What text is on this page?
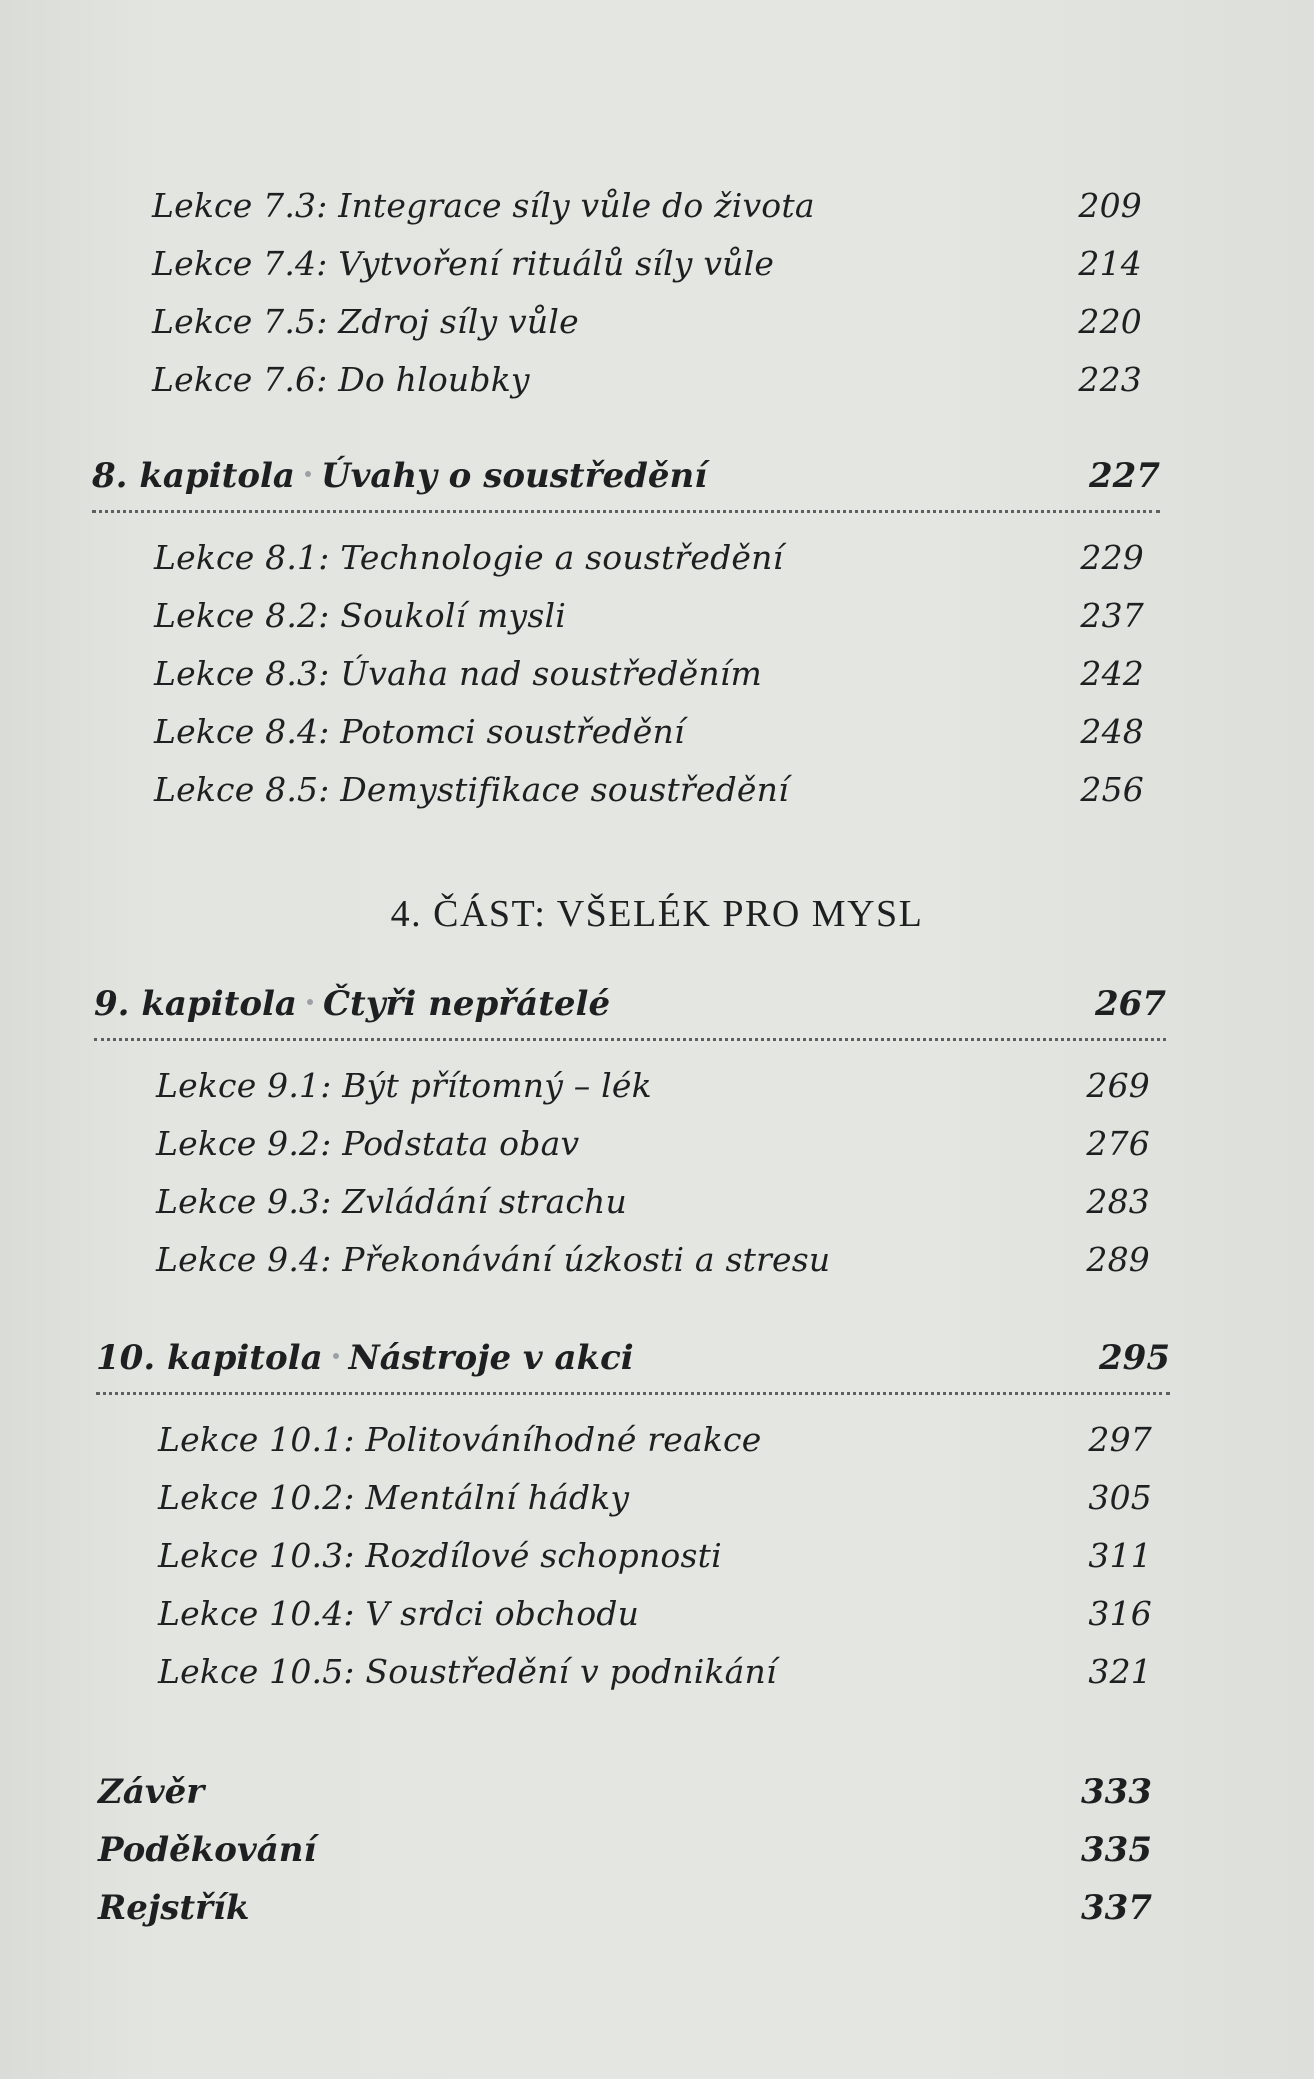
Lekce 7.3: Integrace síly vůle do života	209
Lekce 7.4: Vytvoření rituálů síly vůle	214
Lekce 7.5: Zdroj síly vůle	220
Lekce 7.6: Do hloubky	223
8. kapitola Úvahy o soustředění	227
Lekce 8.1: Technologie a soustředění	229
Lekce 8.2: Soukolí mysli	237
Lekce 8.3: Úvaha nad soustředěním	242
Lekce 8.4: Potomci soustředění	248
Lekce 8.5: Demystifikace soustředění	256
4. ČÁST: VŠELÉK PRO MYSL
9. kapitola Čtyři nepřátelé	267
Lekce 9.1: Být přítomný – lék	269
Lekce 9.2: Podstata obav	276
Lekce 9.3: Zvládání strachu	283
Lekce 9.4: Překonávání úzkosti a stresu	289
10. kapitola Nástroje v akci	295
Lekce 10.1: Politováníhodné reakce	297
Lekce 10.2: Mentální hádky	305
Lekce 10.3: Rozdílové schopnosti	311
Lekce 10.4: V srdci obchodu	316
Lekce 10.5: Soustředění v podnikání	321
Závěr	333
Poděkování	335
Rejstřík	337
